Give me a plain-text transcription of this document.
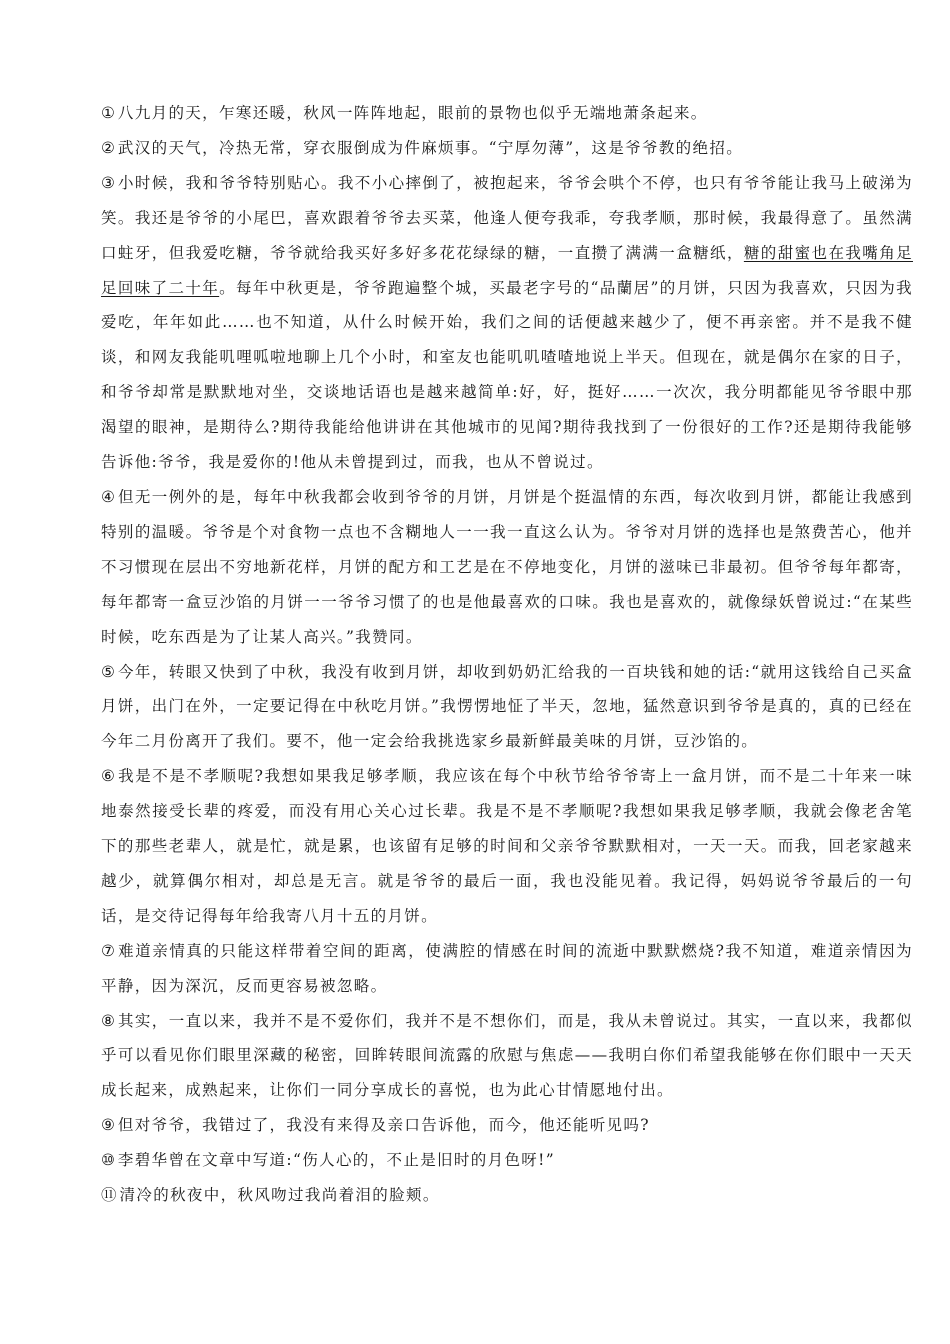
① 八九月的天，乍寒还暖，秋风一阵阵地起，眼前的景物也似乎无端地萧条起来。

② 武汉的天气，冷热无常，穿衣服倒成为件麻烦事。“宁厚勿薄”，这是爷爷教的绝招。

③ 小时候，我和爷爷特别贴心。我不小心摔倒了，被抱起来，爷爷会哄个不停，也只有爷爷能让我马上破涕为笑。我还是爷爷的小尾巴，喜欢跟着爷爷去买菜，他逢人便夸我乖，夸我孝顺，那时候，我最得意了。虽然满口蛀牙，但我爱吃糖，爷爷就给我买好多好多花花绿绿的糖，一直攒了满满一盒糖纸，糖的甜蜜也在我嘴角足足回味了二十年。每年中秋更是，爷爷跑遍整个城，买最老字号的“品蘭居”的月饼，只因为我喜欢，只因为我爱吃，年年如此……也不知道，从什么时候开始，我们之间的话便越来越少了，便不再亲密。并不是我不健谈，和网友我能叽哩呱啦地聊上几个小时，和室友也能叽叽喳喳地说上半天。但现在，就是偶尔在家的日子，和爷爷却常是默默地对坐，交谈地话语也是越来越简单:好，好，挺好……一次次，我分明都能见爷爷眼中那渴望的眼神，是期待么?期待我能给他讲讲在其他城市的见闻?期待我找到了一份很好的工作?还是期待我能够告诉他:爷爷，我是爱你的!他从未曾提到过，而我，也从不曾说过。

④ 但无一例外的是，每年中秋我都会收到爷爷的月饼，月饼是个挺温情的东西，每次收到月饼，都能让我感到特别的温暖。爷爷是个对食物一点也不含糊地人一一我一直这么认为。爷爷对月饼的选择也是煞费苦心，他并不习惯现在层出不穷地新花样，月饼的配方和工艺是在不停地变化，月饼的滋味已非最初。但爷爷每年都寄，每年都寄一盒豆沙馅的月饼一一爷爷习惯了的也是他最喜欢的口味。我也是喜欢的，就像绿妖曾说过:“在某些时候，吃东西是为了让某人高兴。”我赞同。

⑤ 今年，转眼又快到了中秋，我没有收到月饼，却收到奶奶汇给我的一百块钱和她的话:“就用这钱给自己买盒月饼，出门在外，一定要记得在中秋吃月饼。”我愣愣地怔了半天，忽地，猛然意识到爷爷是真的，真的已经在今年二月份离开了我们。要不，他一定会给我挑选家乡最新鲜最美味的月饼，豆沙馅的。

⑥ 我是不是不孝顺呢?我想如果我足够孝顺，我应该在每个中秋节给爷爷寄上一盒月饼，而不是二十年来一味地泰然接受长辈的疼爱，而没有用心关心过长辈。我是不是不孝顺呢?我想如果我足够孝顺，我就会像老舍笔下的那些老辈人，就是忙，就是累，也该留有足够的时间和父亲爷爷默默相对，一天一天。而我，回老家越来越少，就算偶尔相对，却总是无言。就是爷爷的最后一面，我也没能见着。我记得，妈妈说爷爷最后的一句话，是交待记得每年给我寄八月十五的月饼。

⑦ 难道亲情真的只能这样带着空间的距离，使满腔的情感在时间的流逝中默默燃烧?我不知道，难道亲情因为平静，因为深沉，反而更容易被忽略。

⑧ 其实，一直以来，我并不是不爱你们，我并不是不想你们，而是，我从未曾说过。其实，一直以来，我都似乎可以看见你们眼里深藏的秘密，回眸转眼间流露的欣慰与焦虑——我明白你们希望我能够在你们眼中一天天成长起来，成熟起来，让你们一同分享成长的喜悦，也为此心甘情愿地付出。

⑨ 但对爷爷，我错过了，我没有来得及亲口告诉他，而今，他还能听见吗?

⑩ 李碧华曾在文章中写道:“伤人心的，不止是旧时的月色呀!”

⑪ 清冷的秋夜中，秋风吻过我尚着泪的脸颊。
